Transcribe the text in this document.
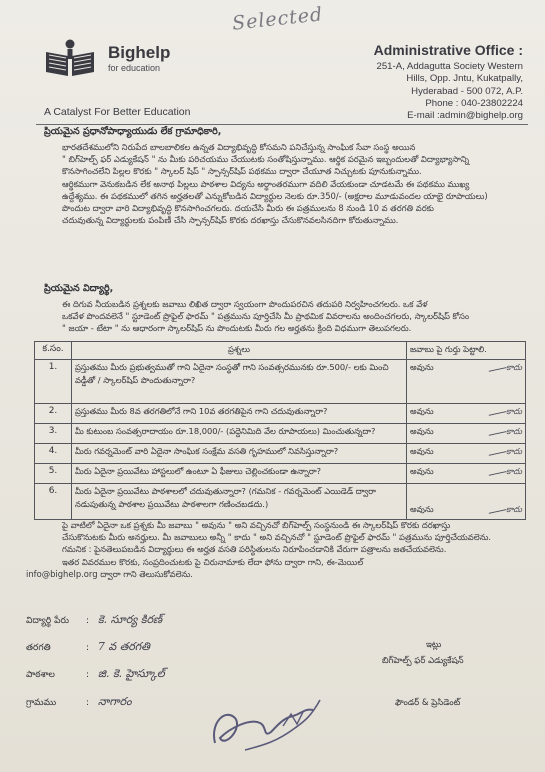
Selected
Bighelp
for education
A Catalyst For Better Education
Administrative Office :
251-A, Addagutta Society Western
Hills, Opp. Jntu, Kukatpally,
Hyderabad - 500 072, A.P.
Phone : 040-23802224
E-mail :admin@bighelp.org
ప్రియమైన ప్రధానోపాధ్యాయుడు లేక గ్రామాధికారి,
భారతదేశములోని నిరుపేద బాలబాలికల ఉన్నత విద్యాభివృద్ధి కోసమని పనిచేస్తున్న సాంఘిక సేవా సంస్థ అయిన
" బిగ్‌హెల్ప్ ఫర్ ఎడ్యుకేషన్ " ను మీకు పరిచయము చేయుటకు సంతోషిస్తున్నాము. ఆర్థిక పరమైన ఇబ్బందులతో విద్యాభ్యాసాన్ని
కొనసాగించలేని పిల్లల కొరకు " స్కాలర్ షిప్ " స్పాన్సర్‌షిప్ పథకము ద్వారా చేయూత నిచ్చుటకు పూనుకున్నాము.
ఆర్థికముగా వెనుకబడిన లేక అనాథ పిల్లలు పాఠశాల విద్యను అర్థాంతరముగా వదిలి వేయకుండా చూడటమే ఈ పథకము ముఖ్య
ఉద్దేశ్యము. ఈ పథకములో తగిన అర్హతలతో ఎన్నుకోబడిన విద్యార్థుల నెలకు రూ.350/- (అక్షరాల మూడువందల యాభై రూపాయలు)
పొందుట ద్వారా వారి విద్యాభివృద్ధి కొనసాగించగలరు. దయచేసి మీరు ఈ పత్రములను 8 నుండి 10 వ తరగతి వరకు
చదువుతున్న విద్యార్థులకు పంపిణీ చేసి స్పాన్సర్‌షిప్ కొరకు దరఖాస్తు చేసుకొనవలసినదిగా కోరుతున్నాము.
ప్రియమైన విద్యార్థి,
ఈ దిగువ నీయబడిన ప్రశ్నలకు జవాబు లిఖిత ద్వారా స్వయంగా పొందుపరచిన తదుపరి నిర్వహించగలరు. ఒక వేళ
ఒకవేళ పొందవలెనే " స్టూడెంట్ ప్రొఫైల్ ఫారమ్ " పత్రమును పూర్తిచేసి మీ ప్రాథమిక వివరాలను అందించగలరు, స్కాలర్‌షిప్ కోసం
" జయా - టేటా " ను ఆధారంగా స్కాలర్‌షిప్ ను పొందుటకు మీరు గల అర్హతను క్రింది విధముగా తెలుపగలరు.
క.సం.	ప్రశ్నలు	జవాబు పై గుర్తు పెట్టాలి.
1.	ప్రస్తుతము మీరు ప్రభుత్వముతో గాని ఏదైనా సంస్థతో గాని సంవత్సరమునకు రూ.500/- లకు మించి వడ్డీతో / స్కాలర్‌షిప్ పొందుతున్నారా?	అవును కాదు

2.	ప్రస్తుతము మీరు 8వ తరగతిలోనే గాని 10వ తరగతిపైన గాని చదువుతున్నారా?	అవును కాదు

3.	మీ కుటుంబ సంవత్సరాదాయం రూ.18,000/- (పద్దెనిమిది వేల రూపాయలు) మించుతున్నదా?	అవును కాదు

4.	మీరు గవర్నమెంట్ వారి ఏదైనా సాంఘిక సంక్షేమ వసతి గృహములో నివసిస్తున్నారా?	అవును కాదు

5.	మీరు ఏదైనా ప్రయివేటు హాస్టలులో ఉంటూ ఏ ఫీజులు చెల్లించకుండా ఉన్నారా?	అవును కాదు

6.	మీరు ఏదైనా ప్రయివేటు పాఠశాలలో చదువుతున్నారా? (గమనిక - గవర్నమెంట్ ఎయిడెడ్ ద్వారా నడుపుతున్న పాఠశాల ప్రయివేటు పాఠశాలగా గణించబడదు.)	అవును కాదు
పై వాటిలో ఏదైనా ఒక ప్రశ్నకు మీ జవాబు " అవును " అని వచ్చినచో బిగ్‌హెల్ప్ సంస్థనుండి ఈ స్కాలర్‌షిప్ కొరకు దరఖాస్తు
చేసుకొనుటకు మీరు అనర్హులు. మీ జవాబులు అన్నీ " కాదు " అని వచ్చినచో " స్టూడెంట్ ప్రొఫైల్ ఫారమ్ " పత్రమును పూర్తిచేయవలెను.
గమనిక : పైనతెలుపబడిన విద్యార్థులు ఈ అర్హత వసతి పరిస్థితులను నిరూపించడానికి వేరుగా పత్రాలను జతచేయవలెను.
ఇతర వివరముల కొరకు, సంప్రదించుటకు పై చిరునామాకు లేదా ఫోను ద్వారా గాని, ఈ-మెయిల్
info@bighelp.org ద్వారా గాని తెలుసుకోవలెను.
విద్యార్థి పేరు : కె. సూర్య కిరణ్
తరగతి	: 7 వ తరగతి
పాఠశాల	: జి. కె. హైస్కూల్
గ్రామము	: నాగారం
ఇట్లు
బిగ్‌హెల్ప్ ఫర్ ఎడ్యుకేషన్
ఫౌండర్ & ప్రెసిడెంట్
